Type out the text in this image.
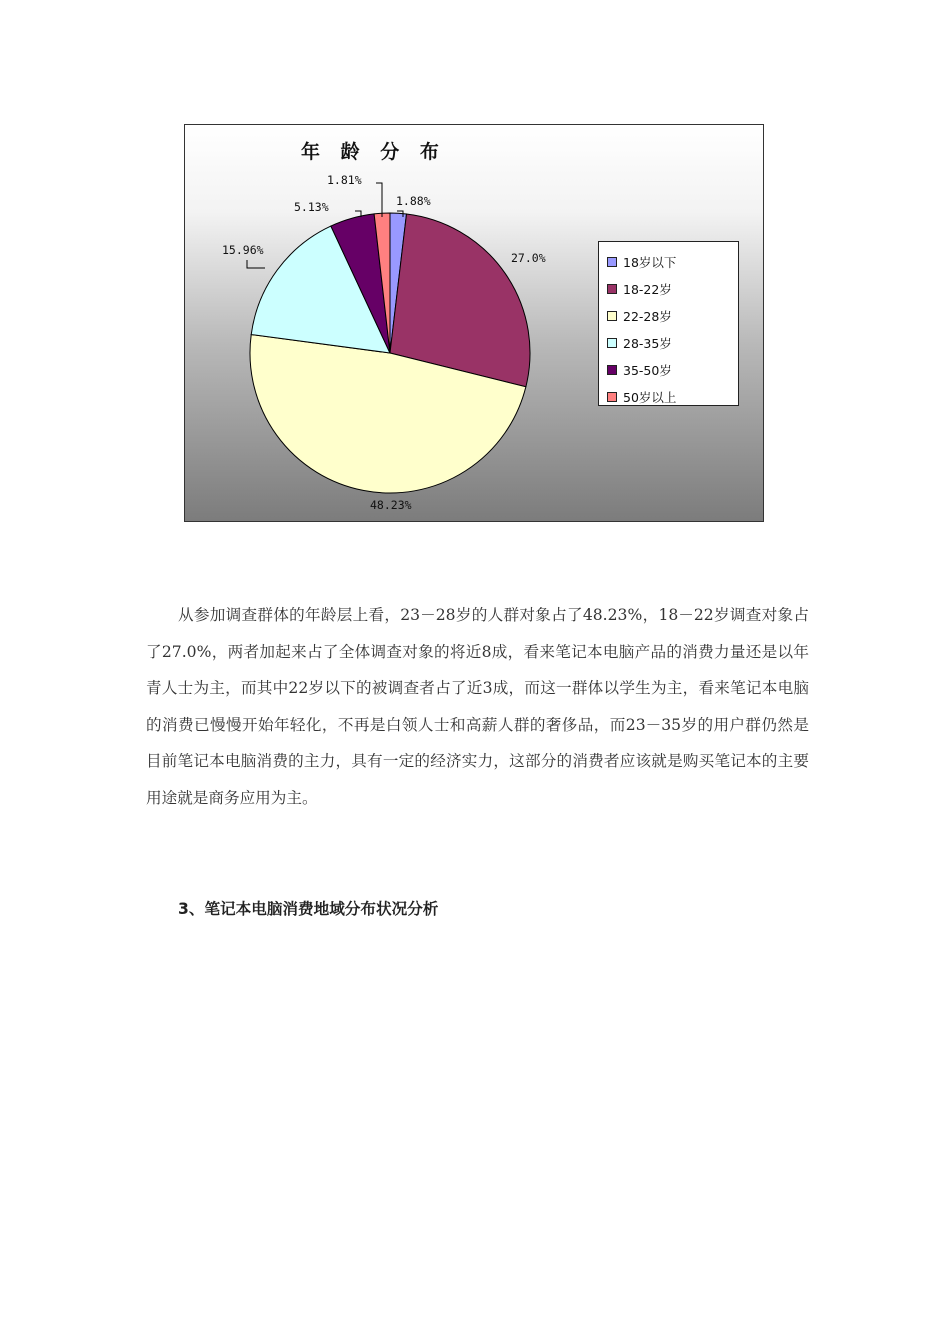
年 龄 分 布
1.88%
27.0%
48.23%
15.96%
5.13%
1.81%
18岁以下
18-22岁
22-28岁
28-35岁
35-50岁
50岁以上

从参加调查群体的年龄层上看，23－28岁的人群对象占了48.23%，18－22岁调查对象占了27.0%，两者加起来占了全体调查对象的将近8成，看来笔记本电脑产品的消费力量还是以年青人士为主，而其中22岁以下的被调查者占了近3成，而这一群体以学生为主，看来笔记本电脑的消费已慢慢开始年轻化，不再是白领人士和高薪人群的奢侈品，而23－35岁的用户群仍然是目前笔记本电脑消费的主力，具有一定的经济实力，这部分的消费者应该就是购买笔记本的主要用途就是商务应用为主。

3、笔记本电脑消费地域分布状况分析
